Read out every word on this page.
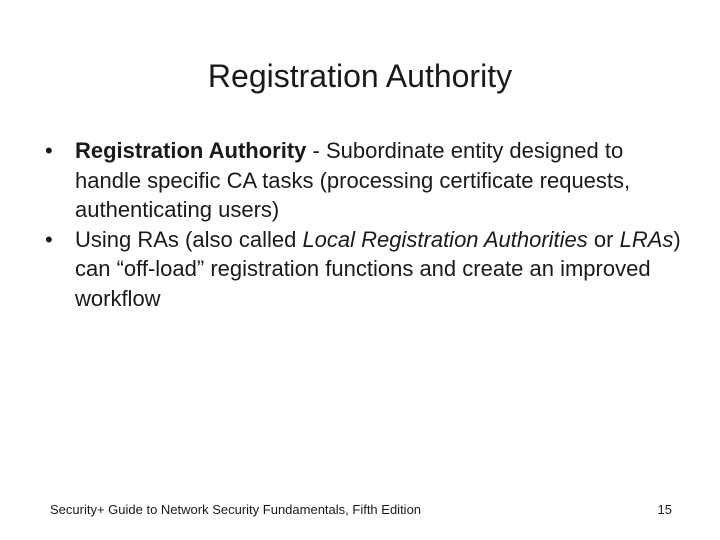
Registration Authority
• Registration Authority - Subordinate entity designed to handle specific CA tasks (processing certificate requests, authenticating users)
• Using RAs (also called Local Registration Authorities or LRAs) can “off-load” registration functions and create an improved workflow
Security+ Guide to Network Security Fundamentals, Fifth Edition	15
